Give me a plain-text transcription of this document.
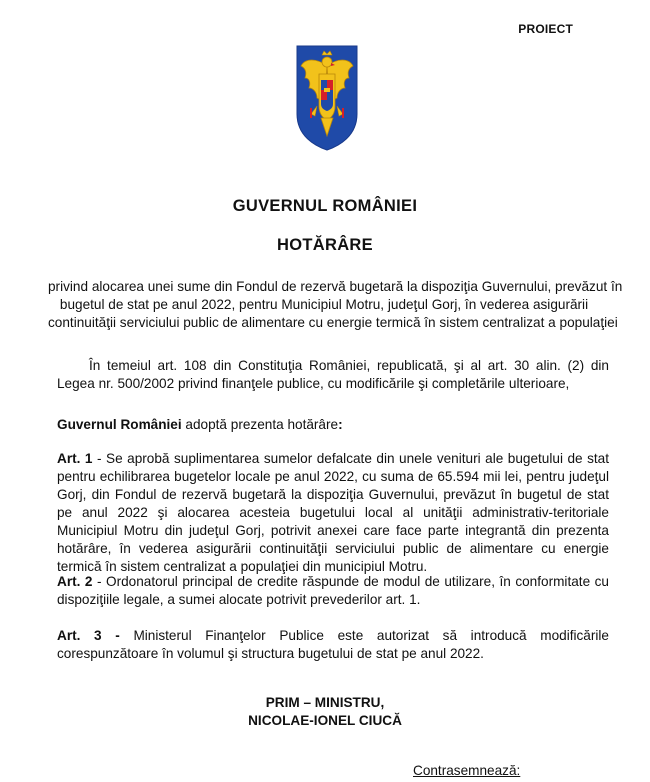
PROIECT
GUVERNUL ROMÂNIEI
HOTĂRÂRE
privind alocarea unei sume din Fondul de rezervă bugetară la dispoziţia Guvernului, prevăzut în
bugetul de stat pe anul 2022, pentru Municipiul Motru, judeţul Gorj, în vederea asigurării
continuităţii serviciului public de alimentare cu energie termică în sistem centralizat a populaţiei
În temeiul art. 108 din Constituţia României, republicată, şi al art. 30 alin. (2) din Legea nr. 500/2002 privind finanţele publice, cu modificările şi completările ulterioare,
Guvernul României adoptă prezenta hotărâre:
Art. 1 - Se aprobă suplimentarea sumelor defalcate din unele venituri ale bugetului de stat pentru echilibrarea bugetelor locale pe anul 2022, cu suma de 65.594 mii lei, pentru judeţul Gorj, din Fondul de rezervă bugetară la dispoziţia Guvernului, prevăzut în bugetul de stat pe anul 2022 şi alocarea acesteia bugetului local al unităţii administrativ-teritoriale Municipiul Motru din judeţul Gorj, potrivit anexei care face parte integrantă din prezenta hotărâre, în vederea asigurării continuităţii serviciului public de alimentare cu energie termică în sistem centralizat a populaţiei din municipiul Motru.
Art. 2 - Ordonatorul principal de credite răspunde de modul de utilizare, în conformitate cu dispoziţiile legale, a sumei alocate potrivit prevederilor art. 1.
Art. 3 - Ministerul Finanţelor Publice este autorizat să introducă modificările corespunzătoare în volumul şi structura bugetului de stat pe anul 2022.
PRIM – MINISTRU,
NICOLAE-IONEL CIUCĂ
Contrasemnează:
